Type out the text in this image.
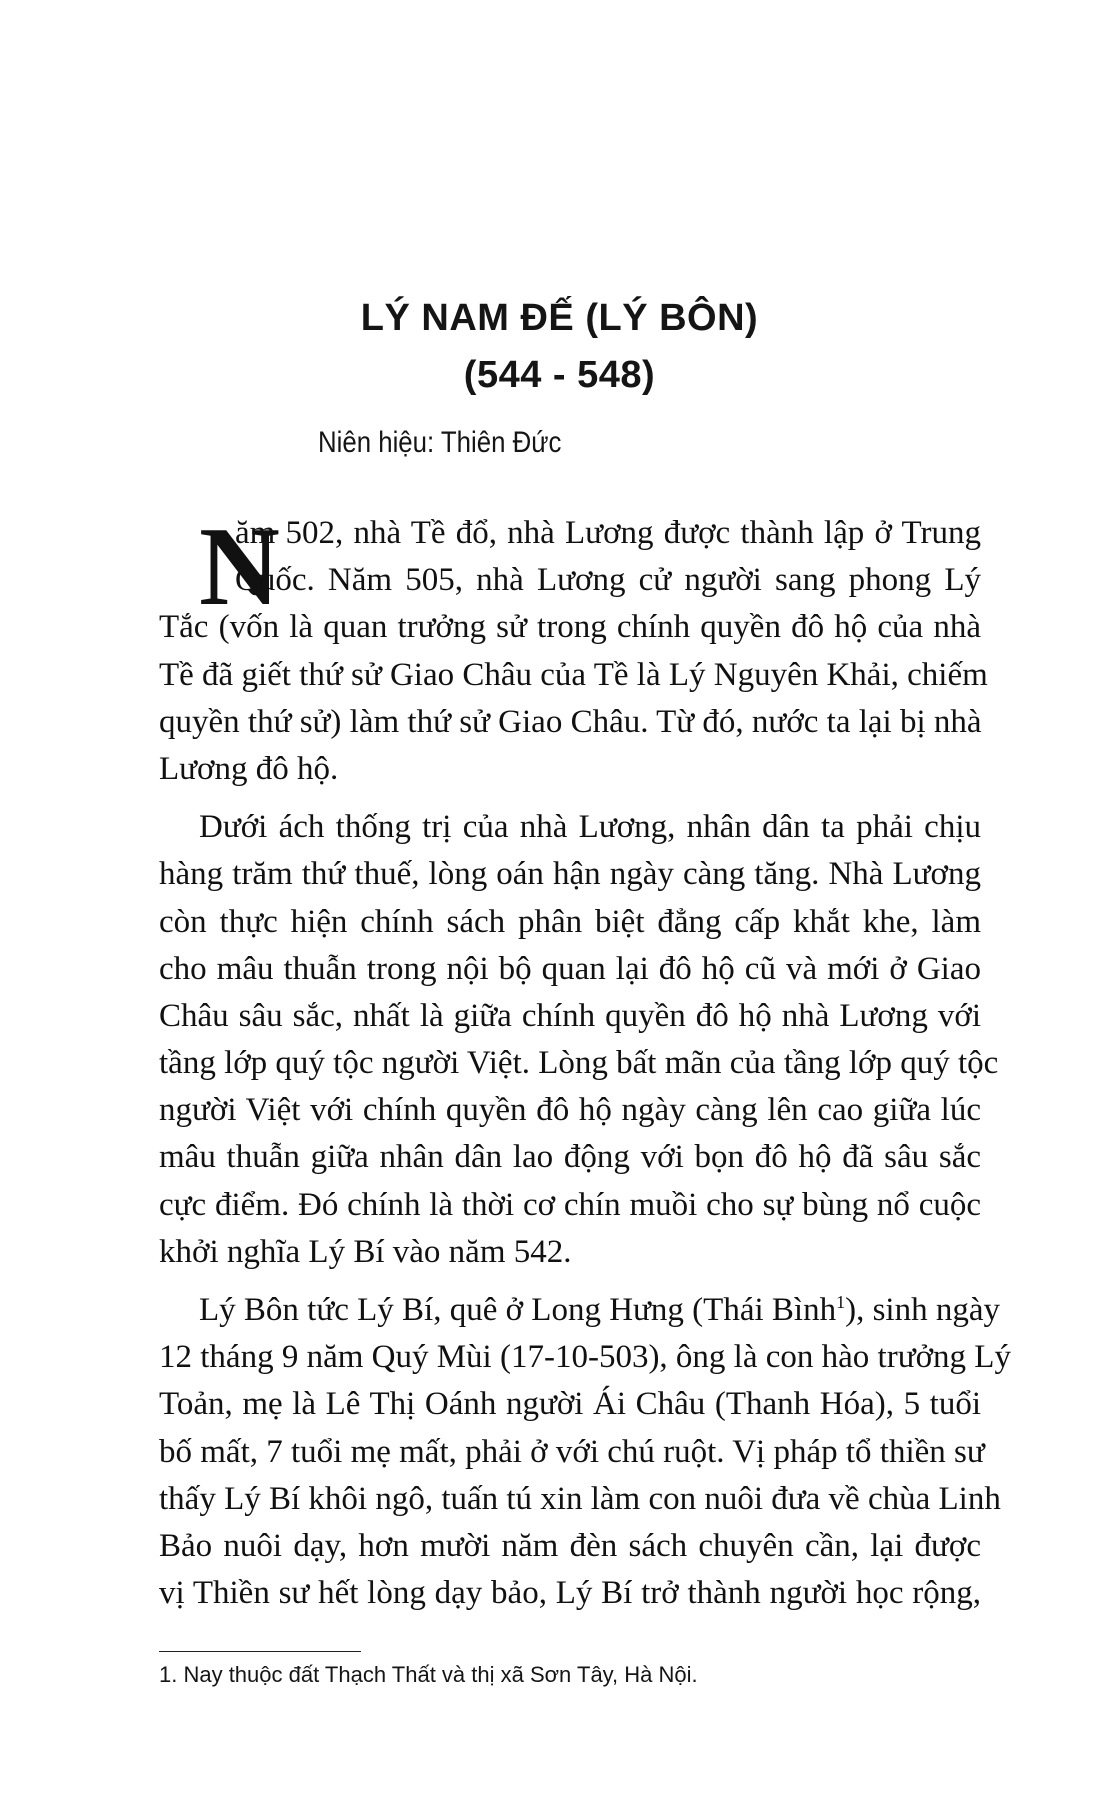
LÝ NAM ĐẾ (LÝ BÔN)
(544 - 548)
Niên hiệu: Thiên Đức
N
ăm 502, nhà Tề đổ, nhà Lương được thành lập ở Trung
Quốc. Năm 505, nhà Lương cử người sang phong Lý
Tắc (vốn là quan trưởng sử trong chính quyền đô hộ của nhà
Tề đã giết thứ sử Giao Châu của Tề là Lý Nguyên Khải, chiếm
quyền thứ sử) làm thứ sử Giao Châu. Từ đó, nước ta lại bị nhà
Lương đô hộ.
Dưới ách thống trị của nhà Lương, nhân dân ta phải chịu
hàng trăm thứ thuế, lòng oán hận ngày càng tăng. Nhà Lương
còn thực hiện chính sách phân biệt đẳng cấp khắt khe, làm
cho mâu thuẫn trong nội bộ quan lại đô hộ cũ và mới ở Giao
Châu sâu sắc, nhất là giữa chính quyền đô hộ nhà Lương với
tầng lớp quý tộc người Việt. Lòng bất mãn của tầng lớp quý tộc
người Việt với chính quyền đô hộ ngày càng lên cao giữa lúc
mâu thuẫn giữa nhân dân lao động với bọn đô hộ đã sâu sắc
cực điểm. Đó chính là thời cơ chín muồi cho sự bùng nổ cuộc
khởi nghĩa Lý Bí vào năm 542.
Lý Bôn tức Lý Bí, quê ở Long Hưng (Thái Bình$^1$), sinh ngày
12 tháng 9 năm Quý Mùi (17-10-503), ông là con hào trưởng Lý
Toản, mẹ là Lê Thị Oánh người Ái Châu (Thanh Hóa), 5 tuổi
bố mất, 7 tuổi mẹ mất, phải ở với chú ruột. Vị pháp tổ thiền sư
thấy Lý Bí khôi ngô, tuấn tú xin làm con nuôi đưa về chùa Linh
Bảo nuôi dạy, hơn mười năm đèn sách chuyên cần, lại được
vị Thiền sư hết lòng dạy bảo, Lý Bí trở thành người học rộng,
1. Nay thuộc đất Thạch Thất và thị xã Sơn Tây, Hà Nội.
